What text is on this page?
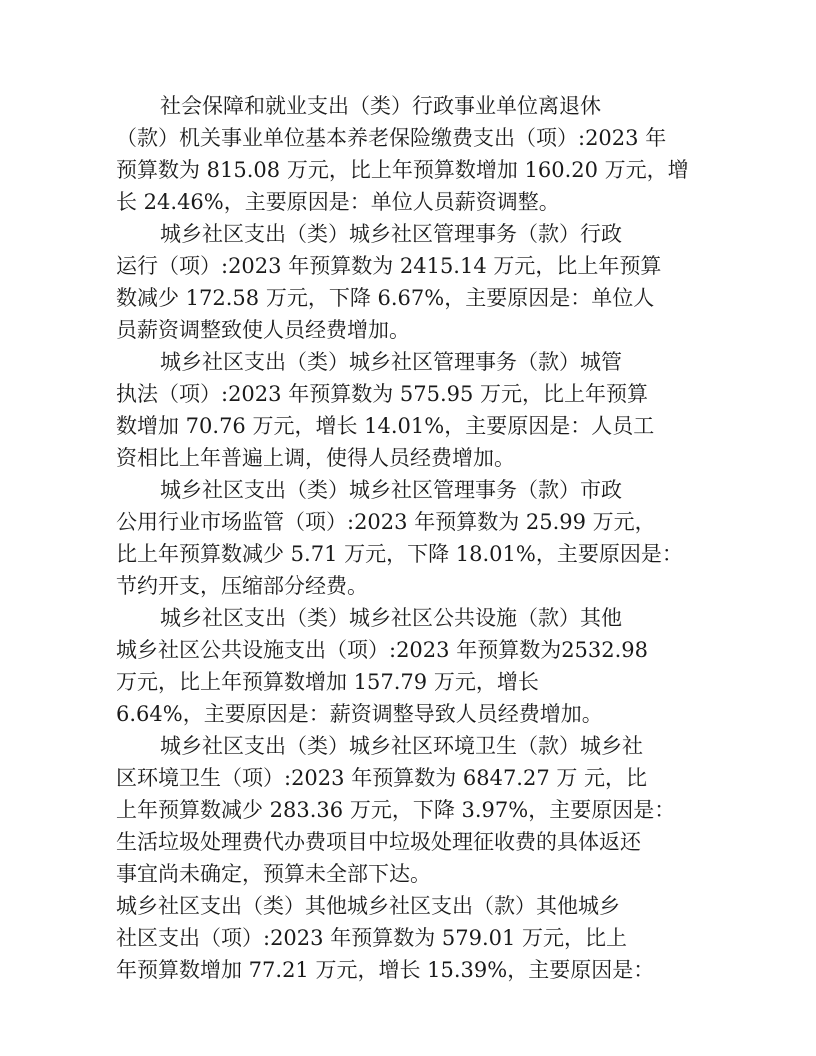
社会保障和就业支出（类）行政事业单位离退休
（款）机关事业单位基本养老保险缴费支出（项）:2023 年
预算数为 815.08 万元，比上年预算数增加 160.20 万元，增
长 24.46%，主要原因是：单位人员薪资调整。
城乡社区支出（类）城乡社区管理事务（款）行政
运行（项）:2023 年预算数为 2415.14 万元，比上年预算
数减少 172.58 万元，下降 6.67%，主要原因是：单位人
员薪资调整致使人员经费增加。
城乡社区支出（类）城乡社区管理事务（款）城管
执法（项）:2023 年预算数为 575.95 万元，比上年预算
数增加 70.76 万元，增长 14.01%，主要原因是：人员工
资相比上年普遍上调，使得人员经费增加。
城乡社区支出（类）城乡社区管理事务（款）市政
公用行业市场监管（项）:2023 年预算数为 25.99 万元，
比上年预算数减少 5.71 万元，下降 18.01%，主要原因是：
节约开支，压缩部分经费。
城乡社区支出（类）城乡社区公共设施（款）其他
城乡社区公共设施支出（项）:2023 年预算数为2532.98
万元，比上年预算数增加 157.79 万元，增长
6.64%，主要原因是：薪资调整导致人员经费增加。
城乡社区支出（类）城乡社区环境卫生（款）城乡社
区环境卫生（项）:2023 年预算数为 6847.27 万 元，比
上年预算数减少 283.36 万元，下降 3.97%，主要原因是：
生活垃圾处理费代办费项目中垃圾处理征收费的具体返还
事宜尚未确定，预算未全部下达。
城乡社区支出（类）其他城乡社区支出（款）其他城乡
社区支出（项）:2023 年预算数为 579.01 万元，比上
年预算数增加 77.21 万元，增长 15.39%，主要原因是：
